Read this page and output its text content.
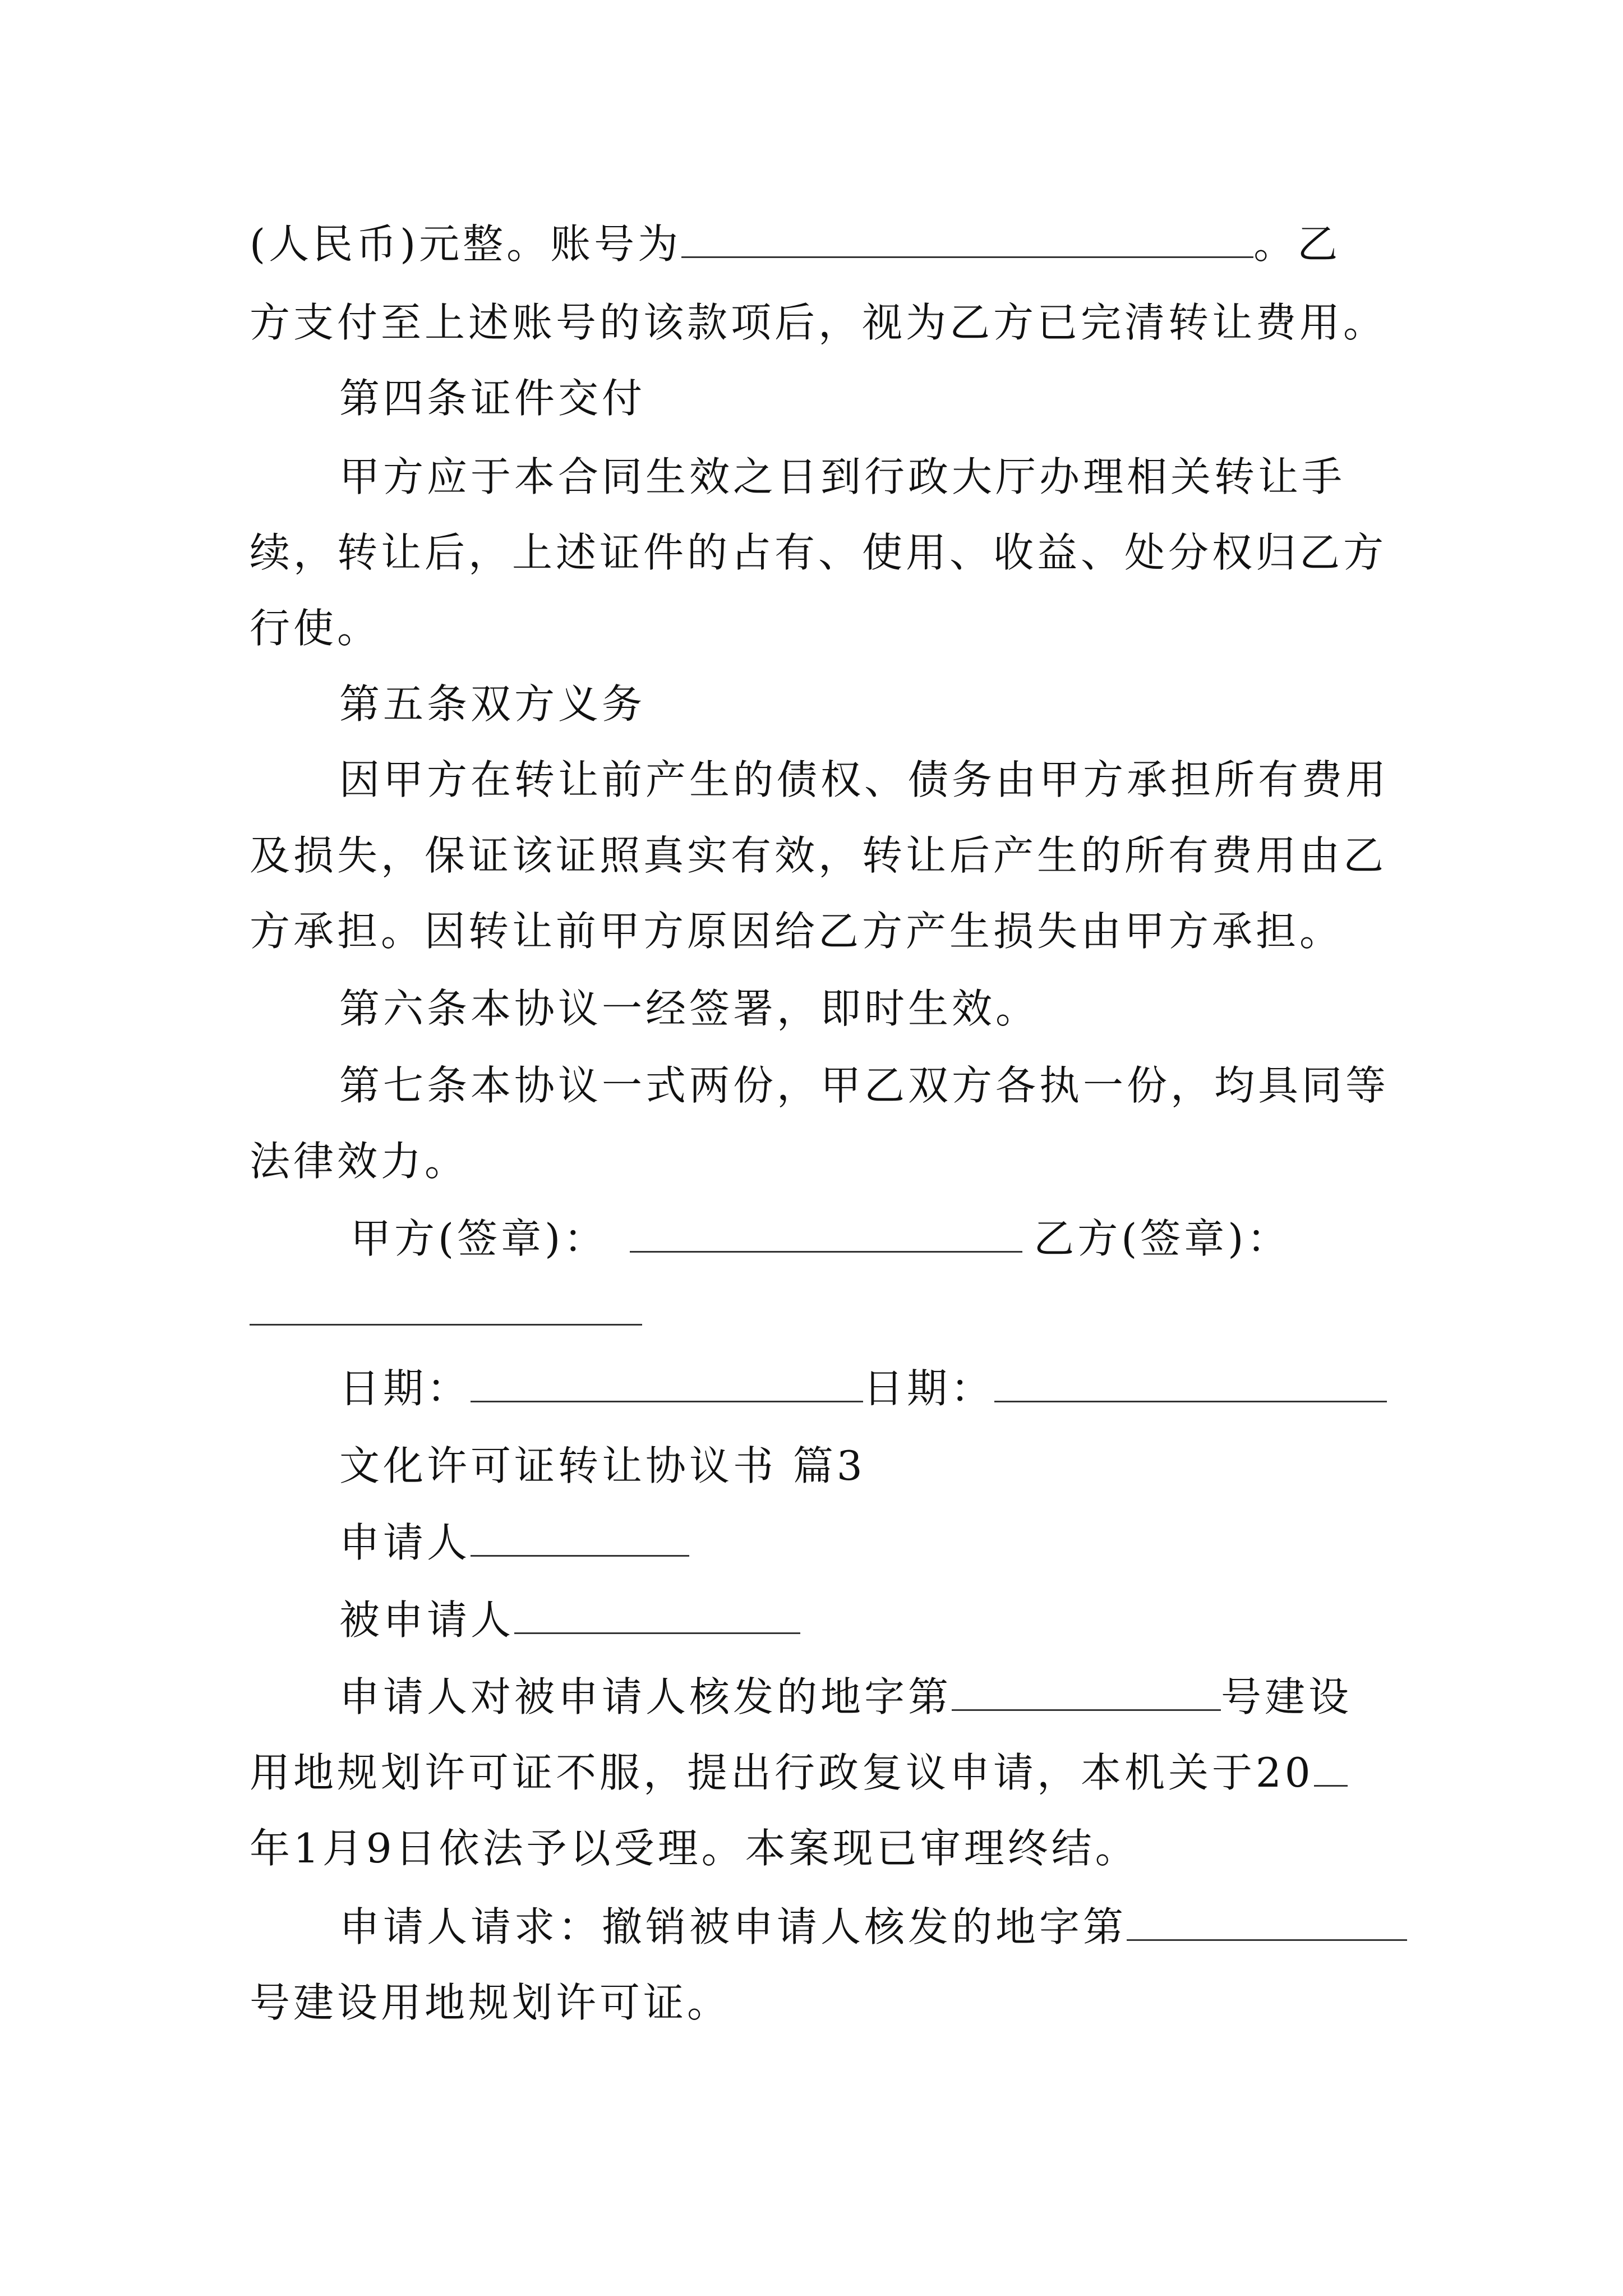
(人民币)元整。账号为	。乙
方支付至上述账号的该款项后，视为乙方已完清转让费用。
第四条证件交付
甲方应于本合同生效之日到行政大厅办理相关转让手
续，转让后，上述证件的占有、使用、收益、处分权归乙方
行使。
第五条双方义务
因甲方在转让前产生的债权、债务由甲方承担所有费用
及损失，保证该证照真实有效，转让后产生的所有费用由乙
方承担。因转让前甲方原因给乙方产生损失由甲方承担。
第六条本协议一经签署，即时生效。
第七条本协议一式两份，甲乙双方各执一份，均具同等
法律效力。
甲方(签章)：	乙方(签章)：
日期：	日期：
文化许可证转让协议书 篇3
申请人
被申请人
申请人对被申请人核发的地字第	号建设
用地规划许可证不服，提出行政复议申请，本机关于20
年1月9日依法予以受理。本案现已审理终结。
申请人请求：撤销被申请人核发的地字第
号建设用地规划许可证。
